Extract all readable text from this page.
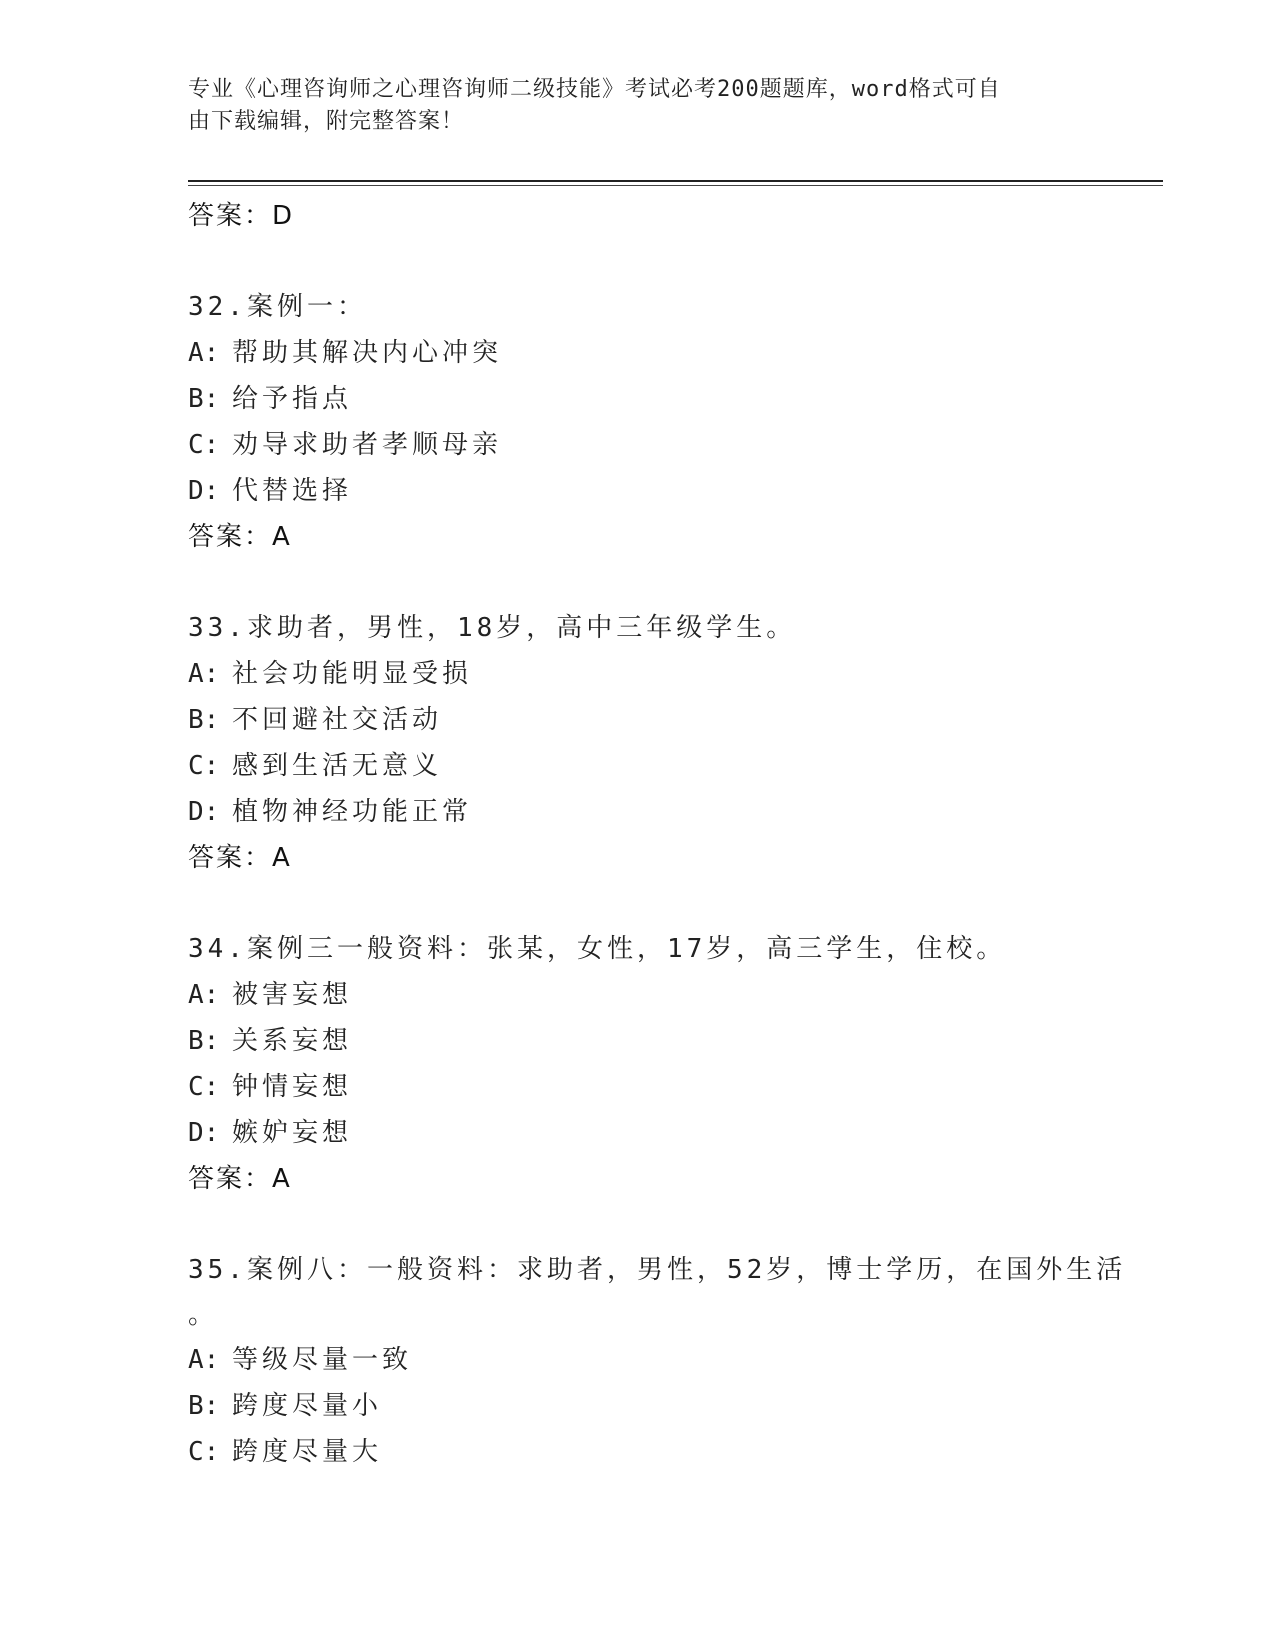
专业《心理咨询师之心理咨询师二级技能》考试必考200题题库，word格式可自
由下载编辑，附完整答案！
答案：D
32.案例一：
A: 帮助其解决内心冲突
B: 给予指点
C: 劝导求助者孝顺母亲
D: 代替选择
答案：A
33.求助者，男性，18岁，高中三年级学生。
A: 社会功能明显受损
B: 不回避社交活动
C: 感到生活无意义
D: 植物神经功能正常
答案：A
34.案例三一般资料：张某，女性，17岁，高三学生，住校。
A: 被害妄想
B: 关系妄想
C: 钟情妄想
D: 嫉妒妄想
答案：A
35.案例八：一般资料：求助者，男性，52岁，博士学历，在国外生活
。
A: 等级尽量一致
B: 跨度尽量小
C: 跨度尽量大
